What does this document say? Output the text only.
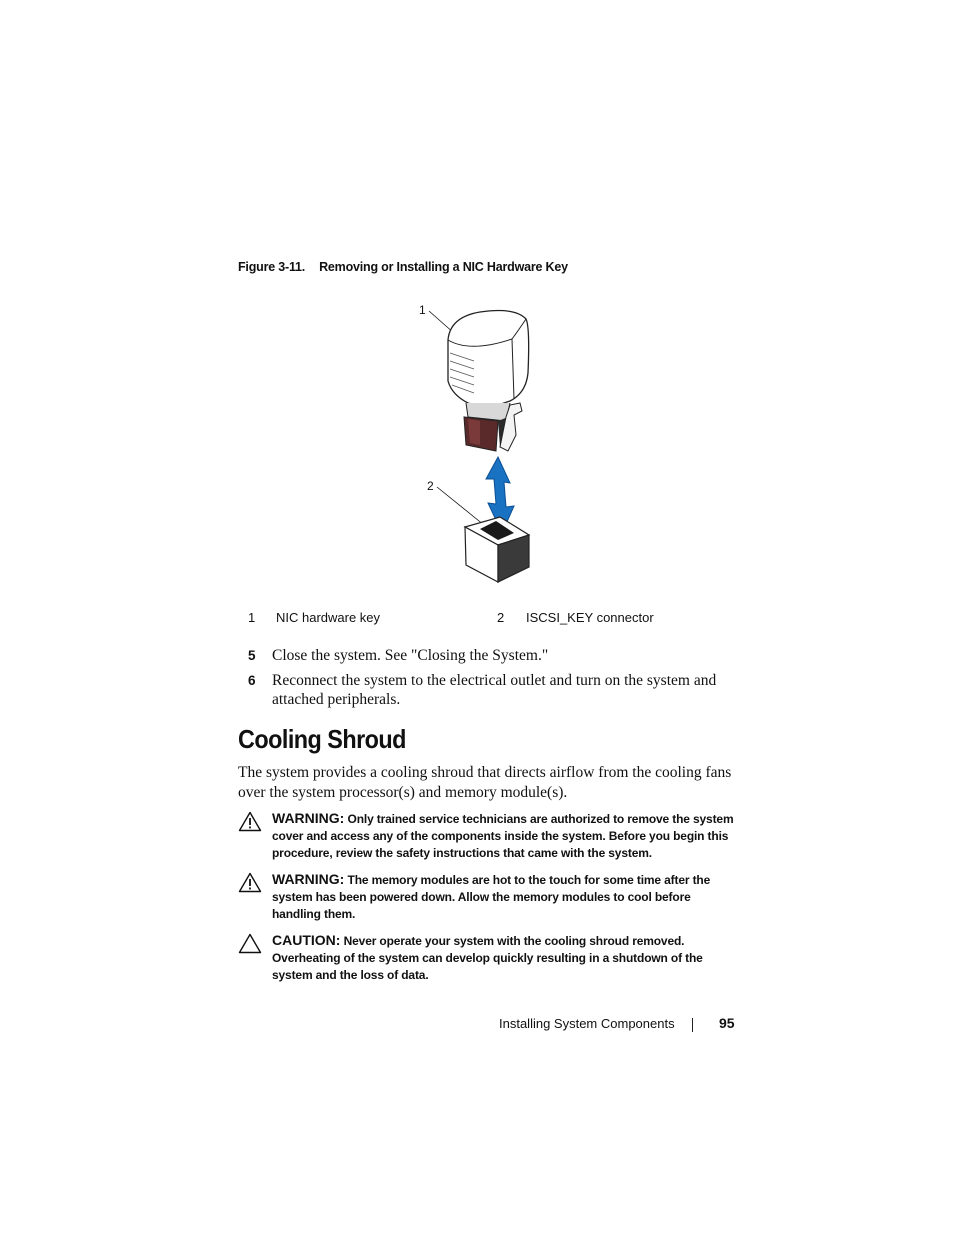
Figure 3-11. Removing or Installing a NIC Hardware Key
1
2
1 NIC hardware key	2 ISCSI_KEY connector
5 Close the system. See "Closing the System."
6 Reconnect the system to the electrical outlet and turn on the system and attached peripherals.
Cooling Shroud

The system provides a cooling shroud that directs airflow from the cooling fans over the system processor(s) and memory module(s).

WARNING: Only trained service technicians are authorized to remove the system cover and access any of the components inside the system. Before you begin this procedure, review the safety instructions that came with the system.
WARNING: The memory modules are hot to the touch for some time after the system has been powered down. Allow the memory modules to cool before handling them.
CAUTION: Never operate your system with the cooling shroud removed. Overheating of the system can develop quickly resulting in a shutdown of the system and the loss of data.
Installing System Components	95
